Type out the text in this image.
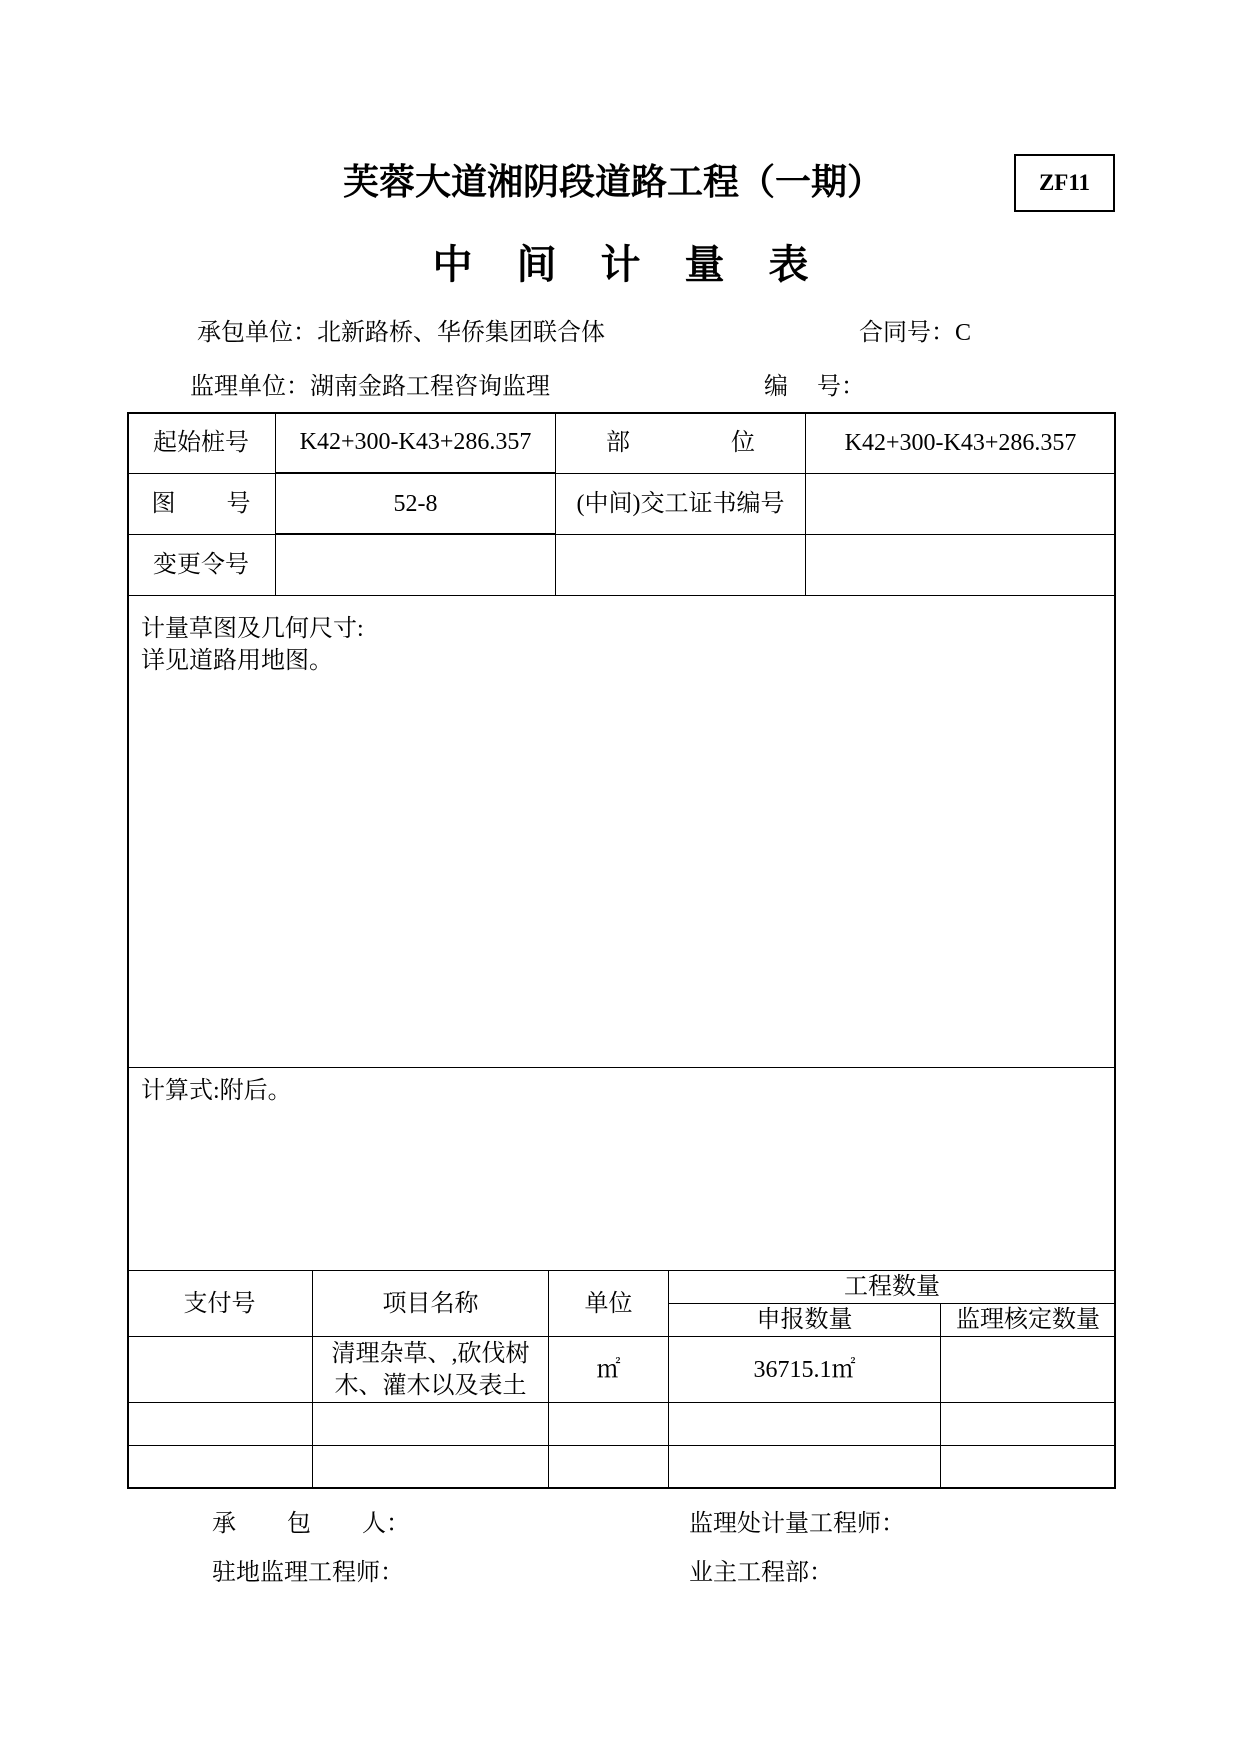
芙蓉大道湘阴段道路工程（一期）	ZF11
中 间 计 量 表
承包单位：北新路桥、华侨集团联合体	合同号：C
监理单位：湖南金路工程咨询监理	编 号：
起始桩号 K42+300-K43+286.357	部 位	K42+300-K43+286.357
图 号	52-8	(中间)交工证书编号
变更令号
计量草图及几何尺寸:
详见道路用地图。
计算式:附后。
支付号	项目名称	单位
工程数量
申报数量	监理核定数量
清理杂草、,砍伐树
木、灌木以及表土
㎡	36715.1㎡
承 包 人：	监理处计量工程师：
驻地监理工程师：	业主工程部：
